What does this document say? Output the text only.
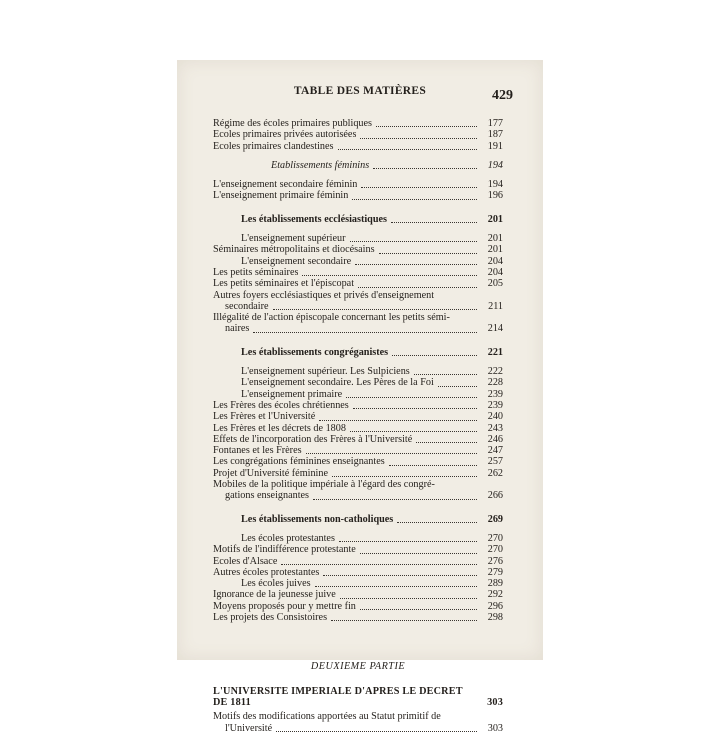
TABLE DES MATIÈRES	429
Régime des écoles primaires publiques	177
Ecoles primaires privées autorisées	187
Ecoles primaires clandestines	191
Etablissements féminins	194
L'enseignement secondaire féminin	194
L'enseignement primaire féminin	196
Les établissements ecclésiastiques	201
L'enseignement supérieur	201
Séminaires métropolitains et diocésains	201
L'enseignement secondaire	204
Les petits séminaires	204
Les petits séminaires et l'épiscopat	205
Autres foyers ecclésiastiques et privés d'enseignement
secondaire	211
Illégalité de l'action épiscopale concernant les petits sémi-
naires	214
Les établissements congréganistes	221
L'enseignement supérieur. Les Sulpiciens	222
L'enseignement secondaire. Les Pères de la Foi	228
L'enseignement primaire	239
Les Frères des écoles chrétiennes	239
Les Frères et l'Université	240
Les Frères et les décrets de 1808	243
Effets de l'incorporation des Frères à l'Université	246
Fontanes et les Frères	247
Les congrégations féminines enseignantes	257
Projet d'Université féminine	262
Mobiles de la politique impériale à l'égard des congré-
gations enseignantes	266
Les établissements non-catholiques	269
Les écoles protestantes	270
Motifs de l'indifférence protestante	270
Ecoles d'Alsace	276
Autres écoles protestantes	279
Les écoles juives	289
Ignorance de la jeunesse juive	292
Moyens proposés pour y mettre fin	296
Les projets des Consistoires	298
DEUXIEME PARTIE
L'UNIVERSITE IMPERIALE D'APRES LE DECRET DE 1811	303
Motifs des modifications apportées au Statut primitif de
l'Université	303
